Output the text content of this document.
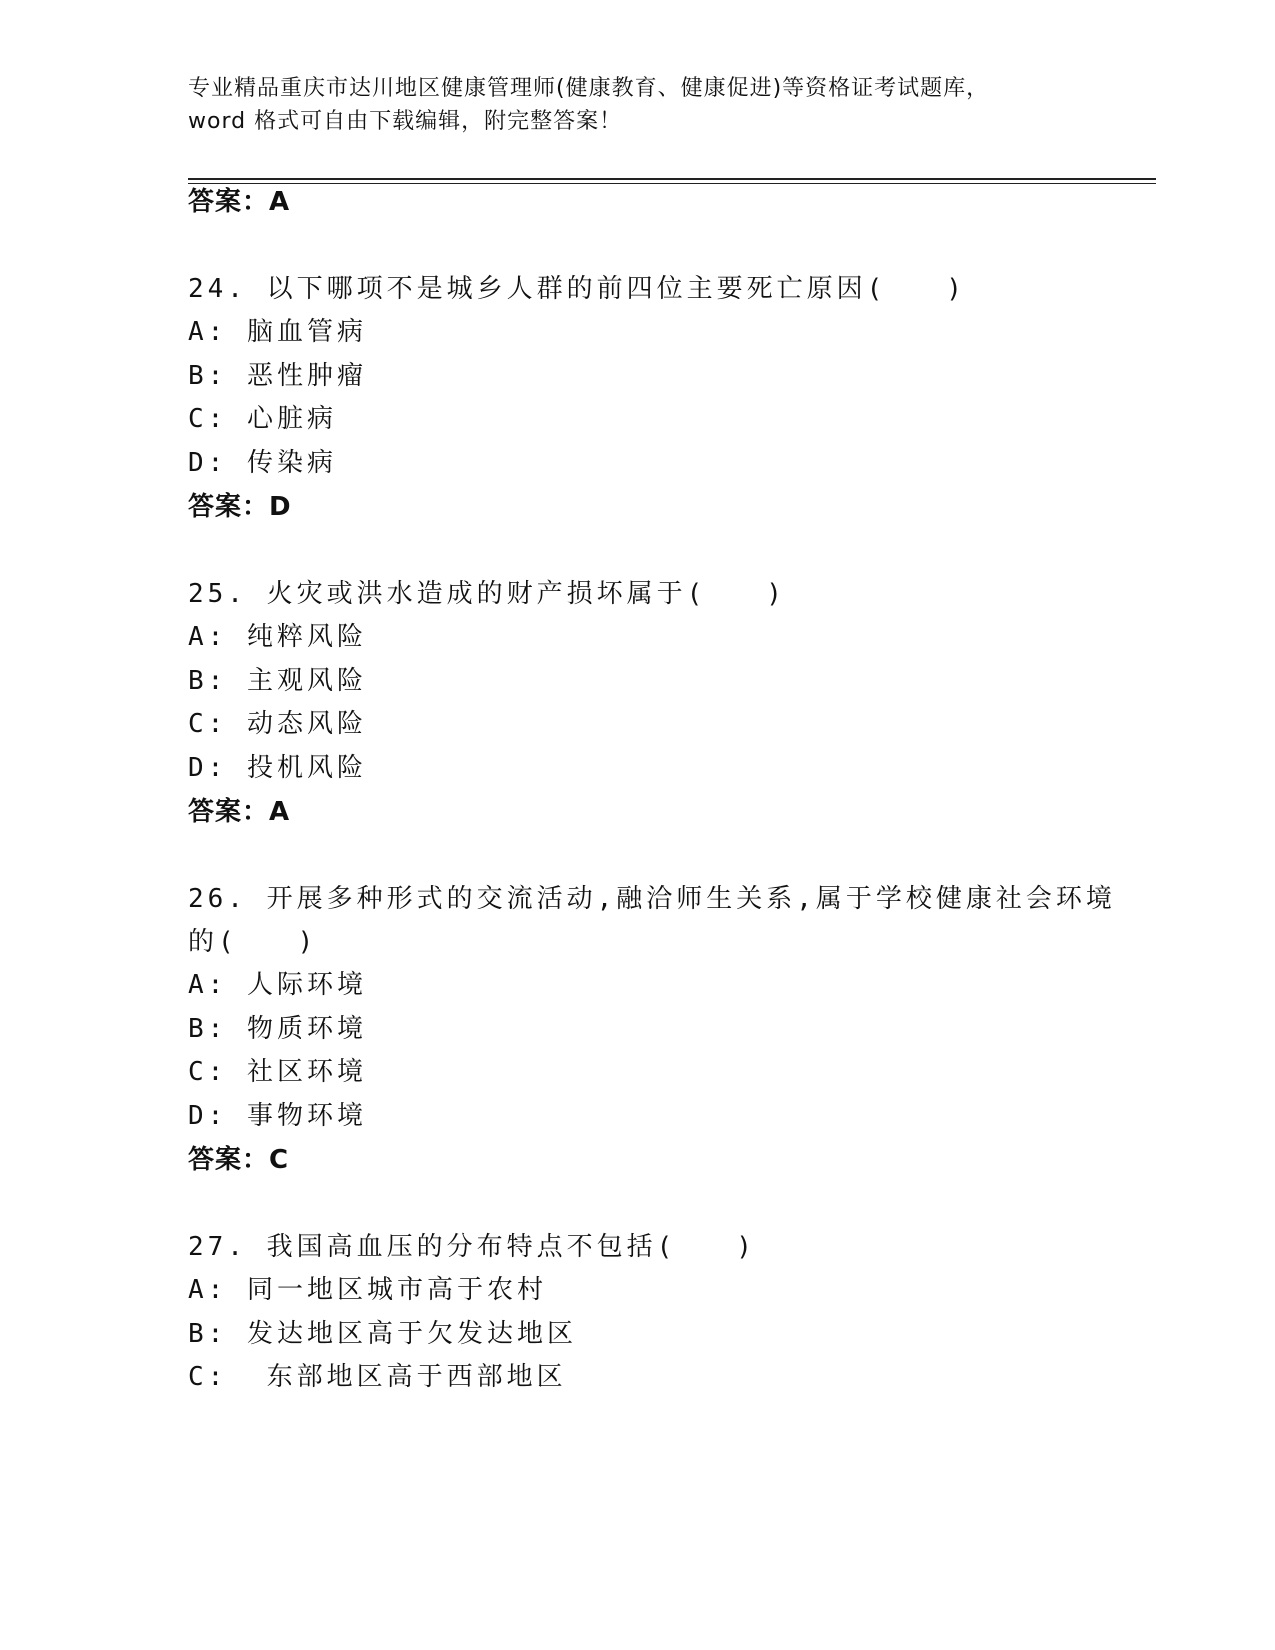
专业精品重庆市达川地区健康管理师(健康教育、健康促进)等资格证考试题库，
word 格式可自由下载编辑，附完整答案！
答案：A
24. 以下哪项不是城乡人群的前四位主要死亡原因(　　)
A: 脑血管病
B: 恶性肿瘤
C: 心脏病
D: 传染病
答案：D
25. 火灾或洪水造成的财产损坏属于(　　)
A: 纯粹风险
B: 主观风险
C: 动态风险
D: 投机风险
答案：A
26. 开展多种形式的交流活动,融洽师生关系,属于学校健康社会环境
的(　　)
A: 人际环境
B: 物质环境
C: 社区环境
D: 事物环境
答案：C
27. 我国高血压的分布特点不包括(　　)
A: 同一地区城市高于农村
B: 发达地区高于欠发达地区
C:  东部地区高于西部地区
